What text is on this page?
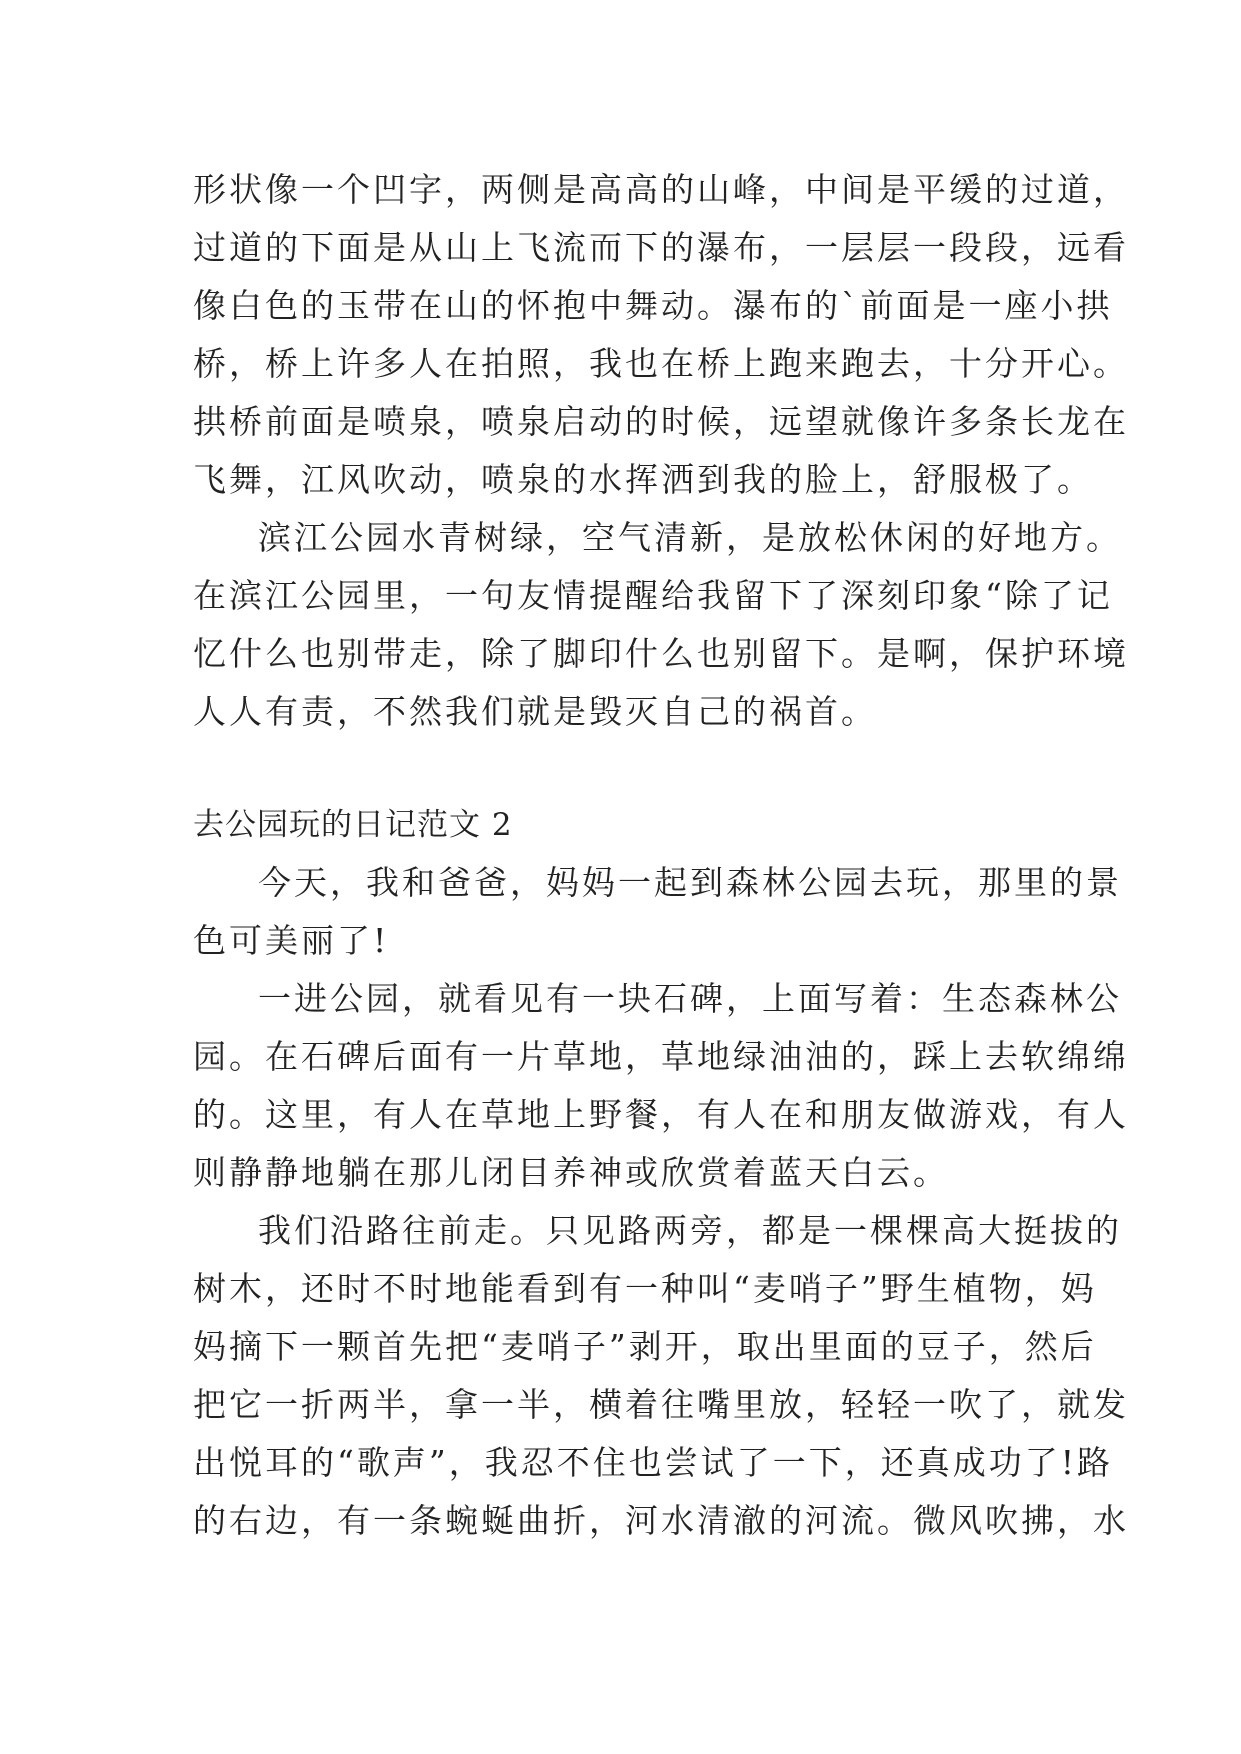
形状像一个凹字，两侧是高高的山峰，中间是平缓的过道，
过道的下面是从山上飞流而下的瀑布，一层层一段段，远看
像白色的玉带在山的怀抱中舞动。瀑布的`前面是一座小拱
桥，桥上许多人在拍照，我也在桥上跑来跑去，十分开心。
拱桥前面是喷泉，喷泉启动的时候，远望就像许多条长龙在
飞舞，江风吹动，喷泉的水挥洒到我的脸上，舒服极了。
滨江公园水青树绿，空气清新，是放松休闲的好地方。
在滨江公园里，一句友情提醒给我留下了深刻印象“除了记
忆什么也别带走，除了脚印什么也别留下。是啊，保护环境
人人有责，不然我们就是毁灭自己的祸首。
去公园玩的日记范文 2
今天，我和爸爸，妈妈一起到森林公园去玩，那里的景
色可美丽了!
一进公园，就看见有一块石碑，上面写着：生态森林公
园。在石碑后面有一片草地，草地绿油油的，踩上去软绵绵
的。这里，有人在草地上野餐，有人在和朋友做游戏，有人
则静静地躺在那儿闭目养神或欣赏着蓝天白云。
我们沿路往前走。只见路两旁，都是一棵棵高大挺拔的
树木，还时不时地能看到有一种叫“麦哨子”野生植物，妈
妈摘下一颗首先把“麦哨子”剥开，取出里面的豆子，然后
把它一折两半，拿一半，横着往嘴里放，轻轻一吹了，就发
出悦耳的“歌声”，我忍不住也尝试了一下，还真成功了!路
的右边，有一条蜿蜒曲折，河水清澈的河流。微风吹拂，水
